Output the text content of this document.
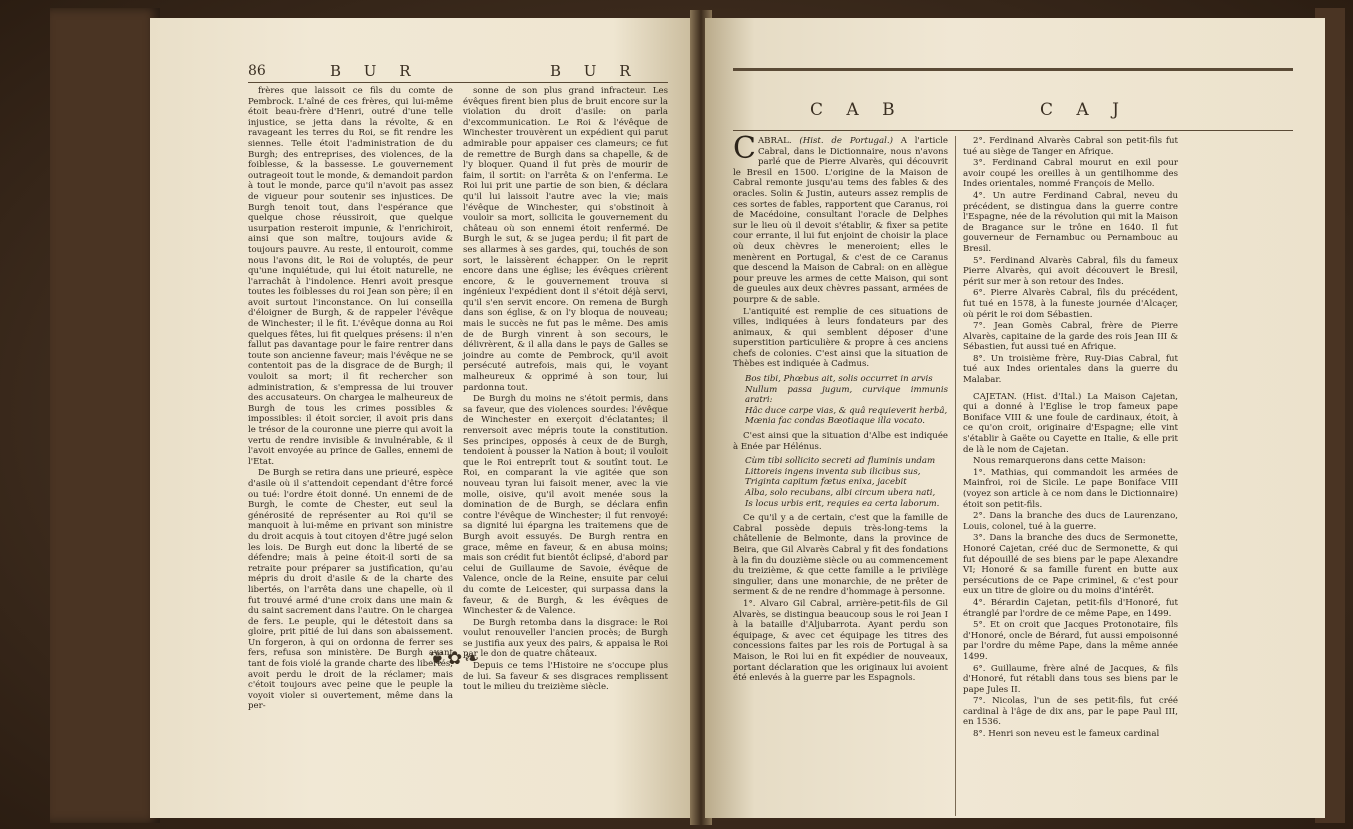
86	B U R	B U R

frères que laissoit ce fils du comte de Pembrock. L'aîné de ces frères, qui lui-même étoit beau-frère d'Henri, outré d'une telle injustice, se jetta dans la révolte, & en ravageant les terres du Roi, se fit rendre les siennes. Telle étoit l'administration de du Burgh; des entreprises, des violences, de la foiblesse, & la bassesse. Le gouvernement outrageoit tout le monde, & demandoit pardon à tout le monde, parce qu'il n'avoit pas assez de vigueur pour soutenir ses injustices. De Burgh tenoit tout, dans l'espérance que quelque chose réussiroit, que quelque usurpation resteroit impunie, & l'enrichiroit, ainsi que son maître, toujours avide & toujours pauvre. Au reste, il entouroit, comme nous l'avons dit, le Roi de voluptés, de peur qu'une inquiétude, qui lui étoit naturelle, ne l'arrachât à l'indolence. Henri avoit presque toutes les foiblesses du roi Jean son père; il en avoit surtout l'inconstance. On lui conseilla d'éloigner de Burgh, & de rappeler l'évêque de Winchester; il le fit. L'évêque donna au Roi quelques fêtes, lui fit quelques présens: il n'en fallut pas davantage pour le faire rentrer dans toute son ancienne faveur; mais l'évêque ne se contentoit pas de la disgrace de de Burgh; il vouloit sa mort; il fit rechercher son administration, & s'empressa de lui trouver des accusateurs. On chargea le malheureux de Burgh de tous les crimes possibles & impossibles: il étoit sorcier, il avoit pris dans le trésor de la couronne une pierre qui avoit la vertu de rendre invisible & invulnérable, & il l'avoit envoyée au prince de Galles, ennemi de l'Etat.

De Burgh se retira dans une prieuré, espèce d'asile où il s'attendoit cependant d'être forcé ou tué: l'ordre étoit donné. Un ennemi de de Burgh, le comte de Chester, eut seul la générosité de représenter au Roi qu'il se manquoit à lui-même en privant son ministre du droit acquis à tout citoyen d'être jugé selon les lois. De Burgh eut donc la liberté de se défendre; mais à peine étoit-il sorti de sa retraite pour préparer sa justification, qu'au mépris du droit d'asile & de la charte des libertés, on l'arrêta dans une chapelle, où il fut trouvé armé d'une croix dans une main & du saint sacrement dans l'autre. On le chargea de fers. Le peuple, qui le détestoit dans sa gloire, prit pitié de lui dans son abaissement. Un forgeron, à qui on ordonna de ferrer ses fers, refusa son ministère. De Burgh ayant tant de fois violé la grande charte des libertés, avoit perdu le droit de la réclamer; mais c'étoit toujours avec peine que le peuple la voyoit violer si ouvertement, même dans la per-

sonne de son plus grand infracteur. Les évêques firent bien plus de bruit encore sur la violation du droit d'asile: on parla d'excommunication. Le Roi & l'évêque de Winchester trouvèrent un expédient qui parut admirable pour appaiser ces clameurs; ce fut de remettre de Burgh dans sa chapelle, & de l'y bloquer. Quand il fut près de mourir de faim, il sortit: on l'arrêta & on l'enferma. Le Roi lui prit une partie de son bien, & déclara qu'il lui laissoit l'autre avec la vie; mais l'évêque de Winchester, qui s'obstinoit à vouloir sa mort, sollicita le gouvernement du château où son ennemi étoit renfermé. De Burgh le sut, & se jugea perdu; il fit part de ses allarmes à ses gardes, qui, touchés de son sort, le laissèrent échapper. On le reprit encore dans une église; les évêques crièrent encore, & le gouvernement trouva si ingénieux l'expédient dont il s'étoit déjà servi, qu'il s'en servit encore. On remena de Burgh dans son église, & on l'y bloqua de nouveau; mais le succès ne fut pas le même. Des amis de de Burgh vinrent à son secours, le délivrèrent, & il alla dans le pays de Galles se joindre au comte de Pembrock, qu'il avoit persécuté autrefois, mais qui, le voyant malheureux & opprimé à son tour, lui pardonna tout.

De Burgh du moins ne s'étoit permis, dans sa faveur, que des violences sourdes: l'évêque de Winchester en exerçoit d'éclatantes; il renversoit avec mépris toute la constitution. Ses principes, opposés à ceux de de Burgh, tendoient à pousser la Nation à bout; il vouloit que le Roi entreprît tout & soutînt tout. Le Roi, en comparant la vie agitée que son nouveau tyran lui faisoit mener, avec la vie molle, oisive, qu'il avoit menée sous la domination de de Burgh, se déclara enfin contre l'évêque de Winchester; il fut renvoyé: sa dignité lui épargna les traitemens que de Burgh avoit essuyés. De Burgh rentra en grace, même en faveur, & en abusa moins; mais son crédit fut bientôt éclipsé, d'abord par celui de Guillaume de Savoie, évêque de Valence, oncle de la Reine, ensuite par celui du comte de Leicester, qui surpassa dans la faveur, & de Burgh, & les évêques de Winchester & de Valence.

De Burgh retomba dans la disgrace: le Roi voulut renouveller l'ancien procès; de Burgh se justifia aux yeux des pairs, & appaisa le Roi par le don de quatre châteaux.

Depuis ce tems l'Histoire ne s'occupe plus de lui. Sa faveur & ses disgraces remplissent tout le milieu du treizième siècle.

❦✿❧
C A B	C A J

C ABRAL. (Hist. de Portugal.) A l'article Cabral, dans le Dictionnaire, nous n'avons parlé que de Pierre Alvarès, qui découvrit le Bresil en 1500. L'origine de la Maison de Cabral remonte jusqu'au tems des fables & des oracles. Solin & Justin, auteurs assez remplis de ces sortes de fables, rapportent que Caranus, roi de Macédoine, consultant l'oracle de Delphes sur le lieu où il devoit s'établir, & fixer sa petite cour errante, il lui fut enjoint de choisir la place où deux chèvres le meneroient; elles le menèrent en Portugal, & c'est de ce Caranus que descend la Maison de Cabral: on en allègue pour preuve les armes de cette Maison, qui sont de gueules aux deux chèvres passant, armées de pourpre & de sable.

L'antiquité est remplie de ces situations de villes, indiquées à leurs fondateurs par des animaux, & qui semblent déposer d'une superstition particulière & propre à ces anciens chefs de colonies. C'est ainsi que la situation de Thèbes est indiquée à Cadmus.

Bos tibi, Phœbus ait, solis occurret in arvis
Nullum passa jugum, curvique immunis aratri:
Hâc duce carpe vias, & quâ requieverit herbâ,
Mœnia fac condas Bœotiaque illa vocato.

C'est ainsi que la situation d'Albe est indiquée à Enée par Hélénus.

Cùm tibi sollicito secreti ad fluminis undam
Littoreis ingens inventa sub ilicibus sus,
Triginta capitum fœtus enixa, jacebit
Alba, solo recubans, albi circum ubera nati,
Is locus urbis erit, requies ea certa laborum.

Ce qu'il y a de certain, c'est que la famille de Cabral possède depuis très-long-tems la châtellenie de Belmonte, dans la province de Beira, que Gil Alvarès Cabral y fit des fondations à la fin du douzième siècle ou au commencement du treizième, & que cette famille a le privilège singulier, dans une monarchie, de ne prêter de serment & de ne rendre d'hommage à personne.

1°. Alvaro Gil Cabral, arrière-petit-fils de Gil Alvarès, se distingua beaucoup sous le roi Jean I à la bataille d'Aljubarrota. Ayant perdu son équipage, & avec cet équipage les titres des concessions faites par les rois de Portugal à sa Maison, le Roi lui en fit expédier de nouveaux, portant déclaration que les originaux lui avoient été enlevés à la guerre par les Espagnols.

2°. Ferdinand Alvarès Cabral son petit-fils fut tué au siège de Tanger en Afrique.

3°. Ferdinand Cabral mourut en exil pour avoir coupé les oreilles à un gentilhomme des Indes orientales, nommé François de Mello.

4°. Un autre Ferdinand Cabral, neveu du précédent, se distingua dans la guerre contre l'Espagne, née de la révolution qui mit la Maison de Bragance sur le trône en 1640. Il fut gouverneur de Fernambuc ou Pernambouc au Bresil.

5°. Ferdinand Alvarès Cabral, fils du fameux Pierre Alvarès, qui avoit découvert le Bresil, périt sur mer à son retour des Indes.

6°. Pierre Alvarès Cabral, fils du précédent, fut tué en 1578, à la funeste journée d'Alcaçer, où périt le roi dom Sébastien.

7°. Jean Gomès Cabral, frère de Pierre Alvarès, capitaine de la garde des rois Jean III & Sébastien, fut aussi tué en Afrique.

8°. Un troisième frère, Ruy-Dias Cabral, fut tué aux Indes orientales dans la guerre du Malabar.

CAJETAN. (Hist. d'Ital.) La Maison Cajetan, qui a donné à l'Eglise le trop fameux pape Boniface VIII & une foule de cardinaux, étoit, à ce qu'on croit, originaire d'Espagne; elle vint s'établir à Gaëte ou Cayette en Italie, & elle prit de là le nom de Cajetan.

Nous remarquerons dans cette Maison:

1°. Mathias, qui commandoit les armées de Mainfroi, roi de Sicile. Le pape Boniface VIII (voyez son article à ce nom dans le Dictionnaire) étoit son petit-fils.

2°. Dans la branche des ducs de Laurenzano, Louis, colonel, tué à la guerre.

3°. Dans la branche des ducs de Sermonette, Honoré Cajetan, créé duc de Sermonette, & qui fut dépouillé de ses biens par le pape Alexandre VI; Honoré & sa famille furent en butte aux persécutions de ce Pape criminel, & c'est pour eux un titre de gloire ou du moins d'intérêt.

4°. Bérardin Cajetan, petit-fils d'Honoré, fut étranglé par l'ordre de ce même Pape, en 1499.

5°. Et on croit que Jacques Protonotaire, fils d'Honoré, oncle de Bérard, fut aussi empoisonné par l'ordre du même Pape, dans la même année 1499.

6°. Guillaume, frère aîné de Jacques, & fils d'Honoré, fut rétabli dans tous ses biens par le pape Jules II.

7°. Nicolas, l'un de ses petit-fils, fut créé cardinal à l'âge de dix ans, par le pape Paul III, en 1536.

8°. Henri son neveu est le fameux cardinal
